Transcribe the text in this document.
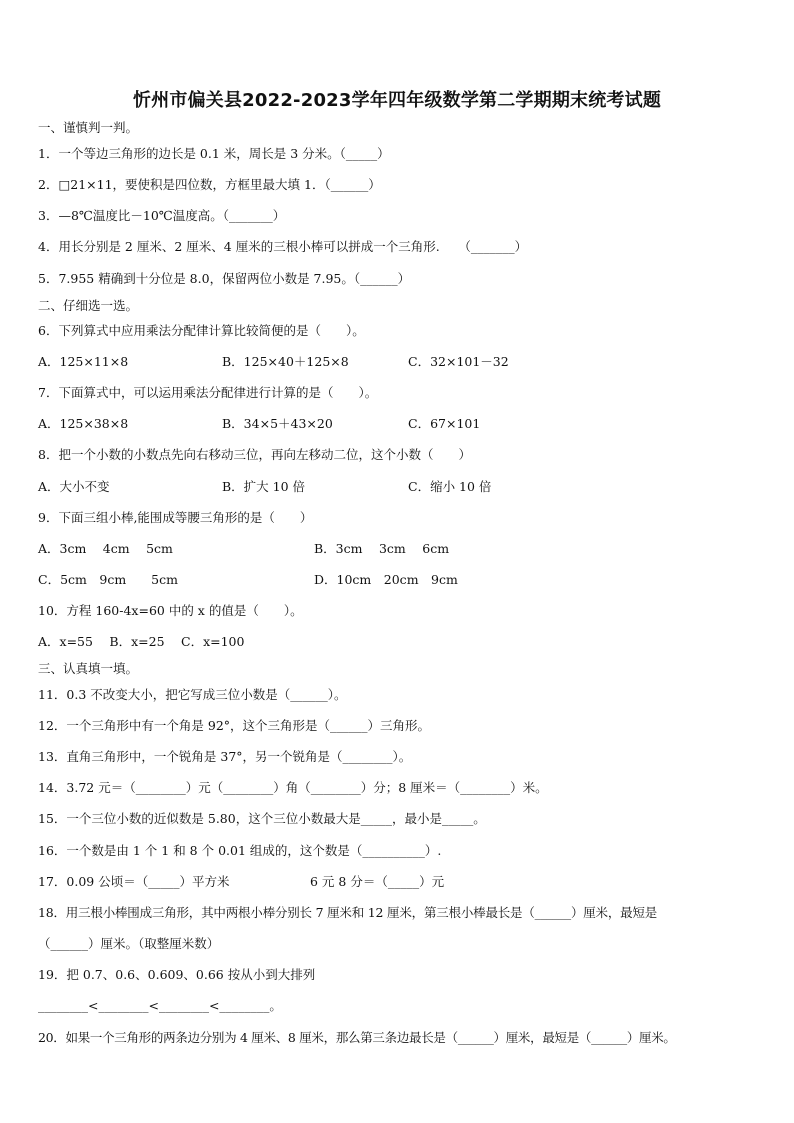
忻州市偏关县2022-2023学年四年级数学第二学期期末统考试题
一、谨慎判一判。
1．一个等边三角形的边长是 0.1 米，周长是 3 分米。（_____）
2．□21×11，要使积是四位数，方框里最大填 1．（______）
3．—8℃温度比－10℃温度高。（_______）
4．用长分别是 2 厘米、2 厘米、4 厘米的三根小棒可以拼成一个三角形.　　（_______）
5．7.955 精确到十分位是 8.0，保留两位小数是 7.95。（______）
二、仔细选一选。
6．下列算式中应用乘法分配律计算比较简便的是（　　）。
A．125×11×8	B．125×40＋125×8	C．32×101－32
7．下面算式中，可以运用乘法分配律进行计算的是（　　）。
A．125×38×8	B．34×5＋43×20	C．67×101
8．把一个小数的小数点先向右移动三位，再向左移动二位，这个小数（　　）
A．大小不变	B．扩大 10 倍	C．缩小 10 倍
9．下面三组小棒,能围成等腰三角形的是（　　）
A．3cm　 4cm　 5cm	B．3cm　 3cm　 6cm
C．5cm　9cm　　5cm	D．10cm　20cm　9cm
10．方程 160-4x=60 中的 x 的值是（　　）。
A．x=55　 B．x=25　 C．x=100
三、认真填一填。
11．0.3 不改变大小，把它写成三位小数是（______）。
12．一个三角形中有一个角是 92°，这个三角形是（______）三角形。
13．直角三角形中，一个锐角是 37°，另一个锐角是（________）。
14．3.72 元＝（________）元（________）角（________）分；8 厘米＝（________）米。
15．一个三位小数的近似数是 5.80，这个三位小数最大是_____，最小是_____。
16．一个数是由 1 个 1 和 8 个 0.01 组成的，这个数是（__________）.
17．0.09 公顷＝（_____）平方米	6 元 8 分＝（_____）元
18．用三根小棒围成三角形，其中两根小棒分别长 7 厘米和 12 厘米，第三根小棒最长是（______）厘米，最短是
（______）厘米。（取整厘米数）
19．把 0.7、0.6、0.609、0.66 按从小到大排列
________<________<________<________。
20．如果一个三角形的两条边分别为 4 厘米、8 厘米，那么第三条边最长是（______）厘米，最短是（______）厘米。
